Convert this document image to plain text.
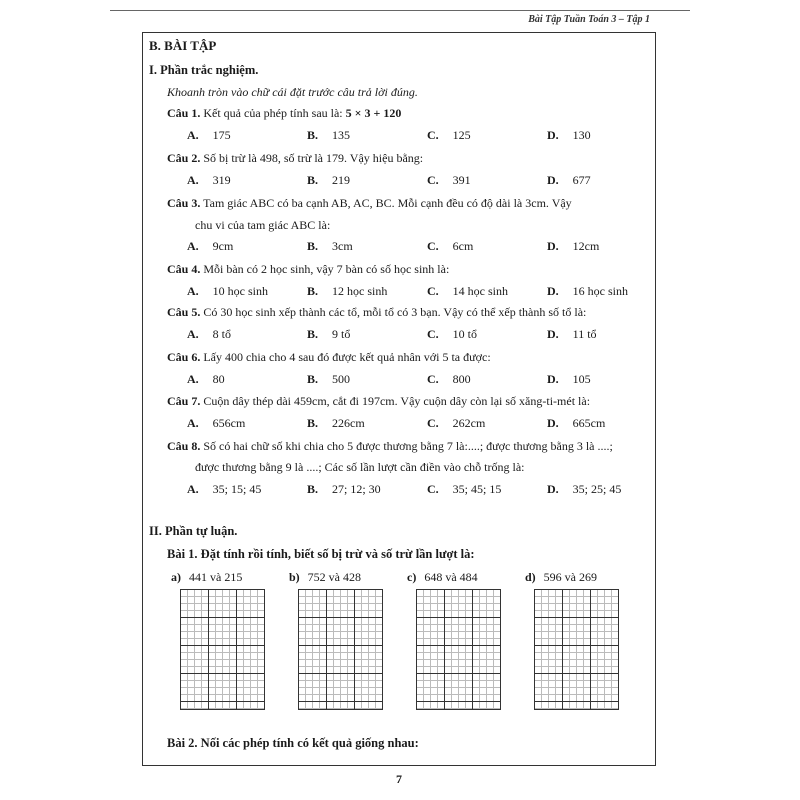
Bài Tập Tuần Toán 3 – Tập 1
B. BÀI TẬP
I. Phần trắc nghiệm.
Khoanh tròn vào chữ cái đặt trước câu trả lời đúng.
Câu 1. Kết quả của phép tính sau là: 5 × 3 + 120
A. 175	B. 135	C. 125	D. 130
Câu 2. Số bị trừ là 498, số trừ là 179. Vậy hiệu bằng:
A. 319	B. 219	C. 391	D. 677
Câu 3. Tam giác ABC có ba cạnh AB, AC, BC. Mỗi cạnh đều có độ dài là 3cm. Vậy
chu vi của tam giác ABC là:
A. 9cm	B. 3cm	C. 6cm	D. 12cm
Câu 4. Mỗi bàn có 2 học sinh, vậy 7 bàn có số học sinh là:
A. 10 học sinh	B. 12 học sinh	C. 14 học sinh	D. 16 học sinh
Câu 5. Có 30 học sinh xếp thành các tổ, mỗi tổ có 3 bạn. Vậy có thể xếp thành số tổ là:
A. 8 tổ	B. 9 tổ	C. 10 tổ	D. 11 tổ
Câu 6. Lấy 400 chia cho 4 sau đó được kết quả nhân với 5 ta được:
A. 80	B. 500	C. 800	D. 105
Câu 7. Cuộn dây thép dài 459cm, cắt đi 197cm. Vậy cuộn dây còn lại số xăng-ti-mét là:
A. 656cm	B. 226cm	C. 262cm	D. 665cm
Câu 8. Số có hai chữ số khi chia cho 5 được thương bằng 7 là:....; được thương bằng 3 là ....;
được thương bằng 9 là ....; Các số lần lượt cần điền vào chỗ trống là:
A. 35; 15; 45	B. 27; 12; 30	C. 35; 45; 15	D. 35; 25; 45
II. Phần tự luận.
Bài 1. Đặt tính rồi tính, biết số bị trừ và số trừ lần lượt là:
a) 441 và 215	b) 752 và 428	c) 648 và 484	d) 596 và 269
Bài 2. Nối các phép tính có kết quả giống nhau:
7
